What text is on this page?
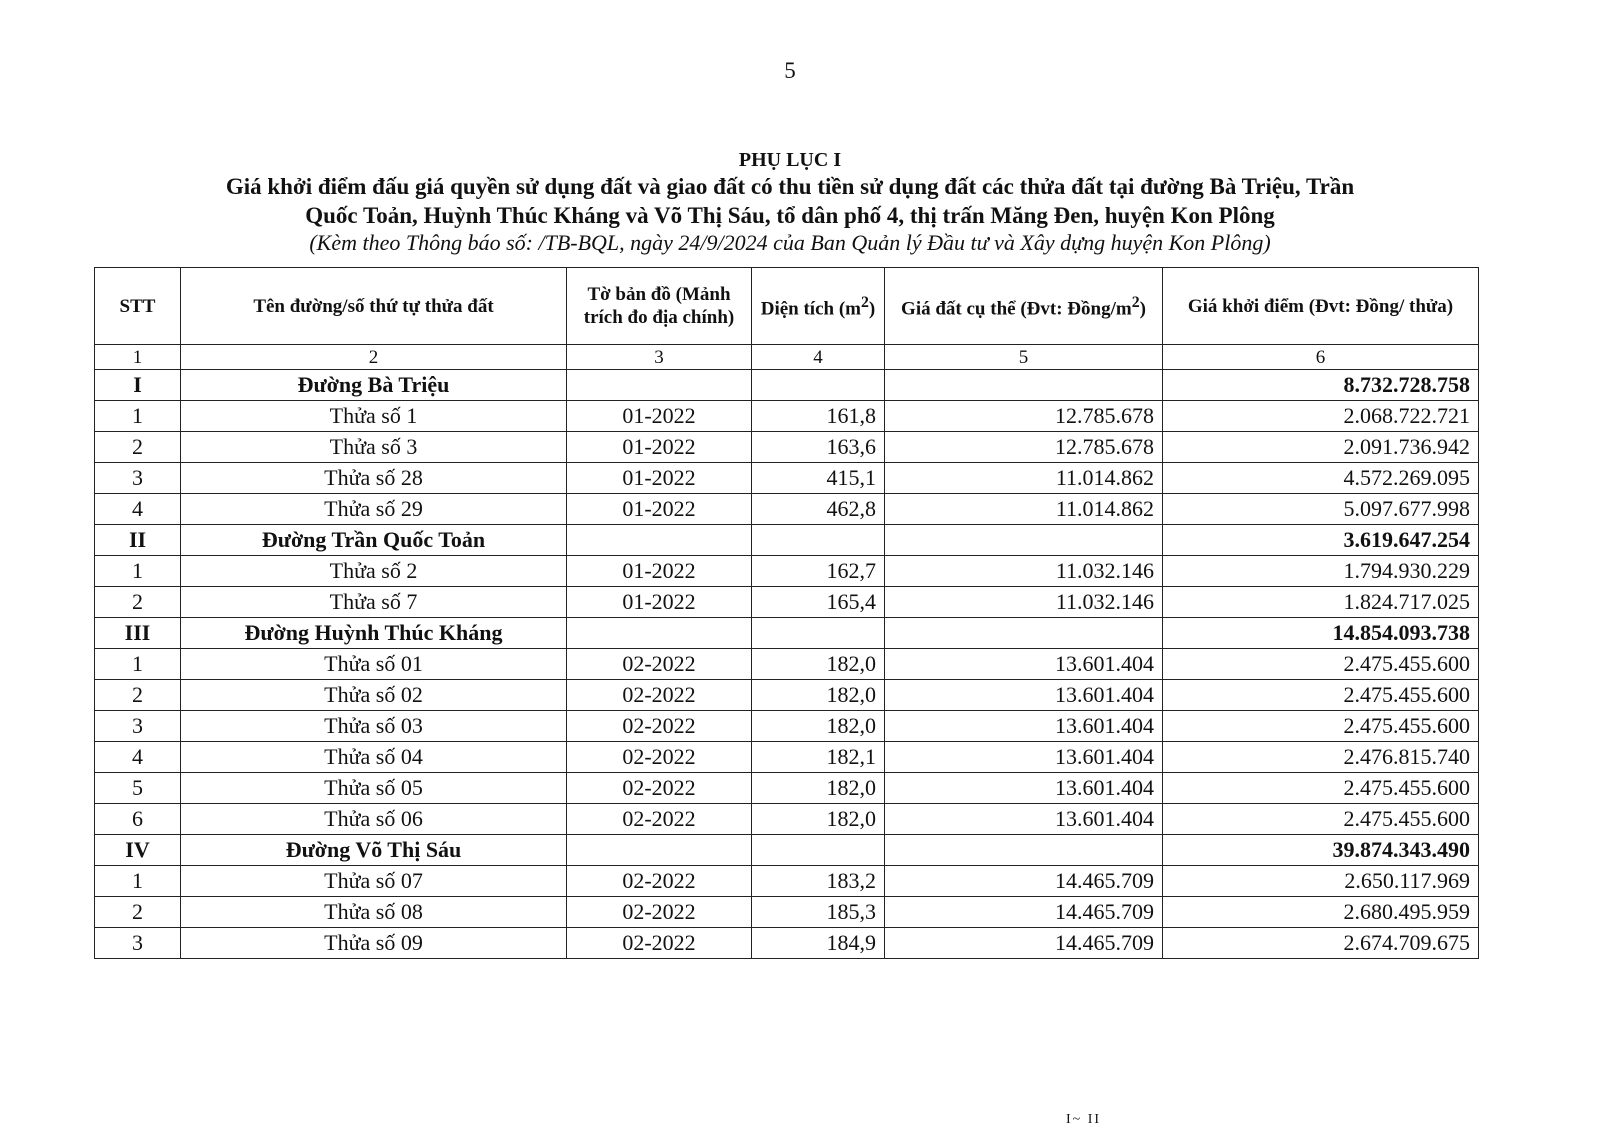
5
PHỤ LỤC I
Giá khởi điểm đấu giá quyền sử dụng đất và giao đất có thu tiền sử dụng đất các thửa đất tại đường Bà Triệu, Trần
Quốc Toản, Huỳnh Thúc Kháng và Võ Thị Sáu, tổ dân phố 4, thị trấn Măng Đen, huyện Kon Plông
(Kèm theo Thông báo số: /TB-BQL, ngày 24/9/2024 của Ban Quản lý Đầu tư và Xây dựng huyện Kon Plông)
STT	Tên đường/số thứ tự thửa đất	Tờ bản đồ (Mảnh trích đo địa chính)	Diện tích $(m^2)$	Giá đất cụ thể (Đvt: Đồng/$m^2$)	Giá khởi điểm (Đvt: Đồng/ thửa)
1	2	3	4	5	6
I	Đường Bà Triệu				8.732.728.758
1	Thửa số 1	01-2022	161,8	12.785.678	2.068.722.721
2	Thửa số 3	01-2022	163,6	12.785.678	2.091.736.942
3	Thửa số 28	01-2022	415,1	11.014.862	4.572.269.095
4	Thửa số 29	01-2022	462,8	11.014.862	5.097.677.998
II	Đường Trần Quốc Toản				3.619.647.254
1	Thửa số 2	01-2022	162,7	11.032.146	1.794.930.229
2	Thửa số 7	01-2022	165,4	11.032.146	1.824.717.025
III	Đường Huỳnh Thúc Kháng				14.854.093.738
1	Thửa số 01	02-2022	182,0	13.601.404	2.475.455.600
2	Thửa số 02	02-2022	182,0	13.601.404	2.475.455.600
3	Thửa số 03	02-2022	182,0	13.601.404	2.475.455.600
4	Thửa số 04	02-2022	182,1	13.601.404	2.476.815.740
5	Thửa số 05	02-2022	182,0	13.601.404	2.475.455.600
6	Thửa số 06	02-2022	182,0	13.601.404	2.475.455.600
IV	Đường Võ Thị Sáu				39.874.343.490
1	Thửa số 07	02-2022	183,2	14.465.709	2.650.117.969
2	Thửa số 08	02-2022	185,3	14.465.709	2.680.495.959
3	Thửa số 09	02-2022	184,9	14.465.709	2.674.709.675
I~ II
